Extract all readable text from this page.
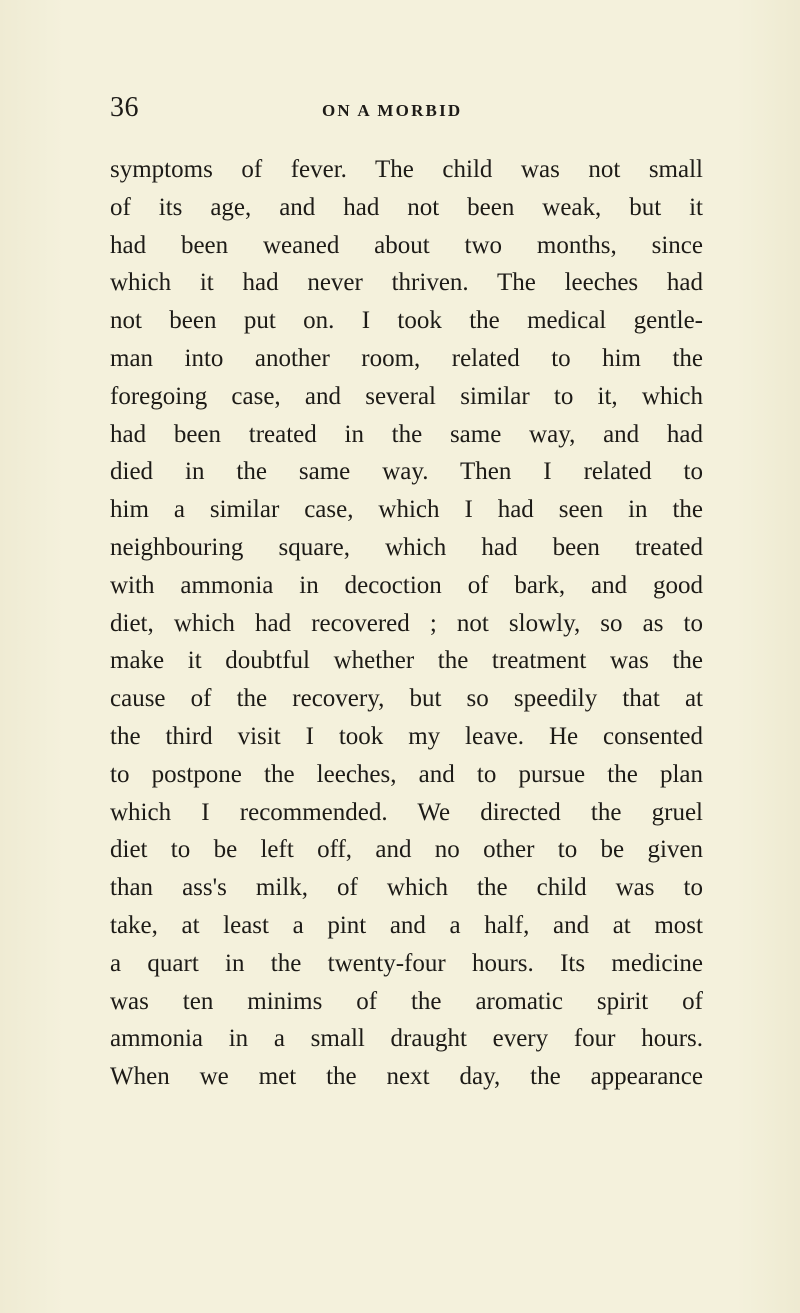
36	ON A MORBID
symptoms of fever. The child was not small
of its age, and had not been weak, but it
had been weaned about two months, since
which it had never thriven. The leeches had
not been put on. I took the medical gentle-
man into another room, related to him the
foregoing case, and several similar to it, which
had been treated in the same way, and had
died in the same way. Then I related to
him a similar case, which I had seen in the
neighbouring square, which had been treated
with ammonia in decoction of bark, and good
diet, which had recovered ; not slowly, so as to
make it doubtful whether the treatment was the
cause of the recovery, but so speedily that at
the third visit I took my leave. He consented
to postpone the leeches, and to pursue the plan
which I recommended. We directed the gruel
diet to be left off, and no other to be given
than ass's milk, of which the child was to
take, at least a pint and a half, and at most
a quart in the twenty-four hours. Its medicine
was ten minims of the aromatic spirit of
ammonia in a small draught every four hours.
When we met the next day, the appearance
